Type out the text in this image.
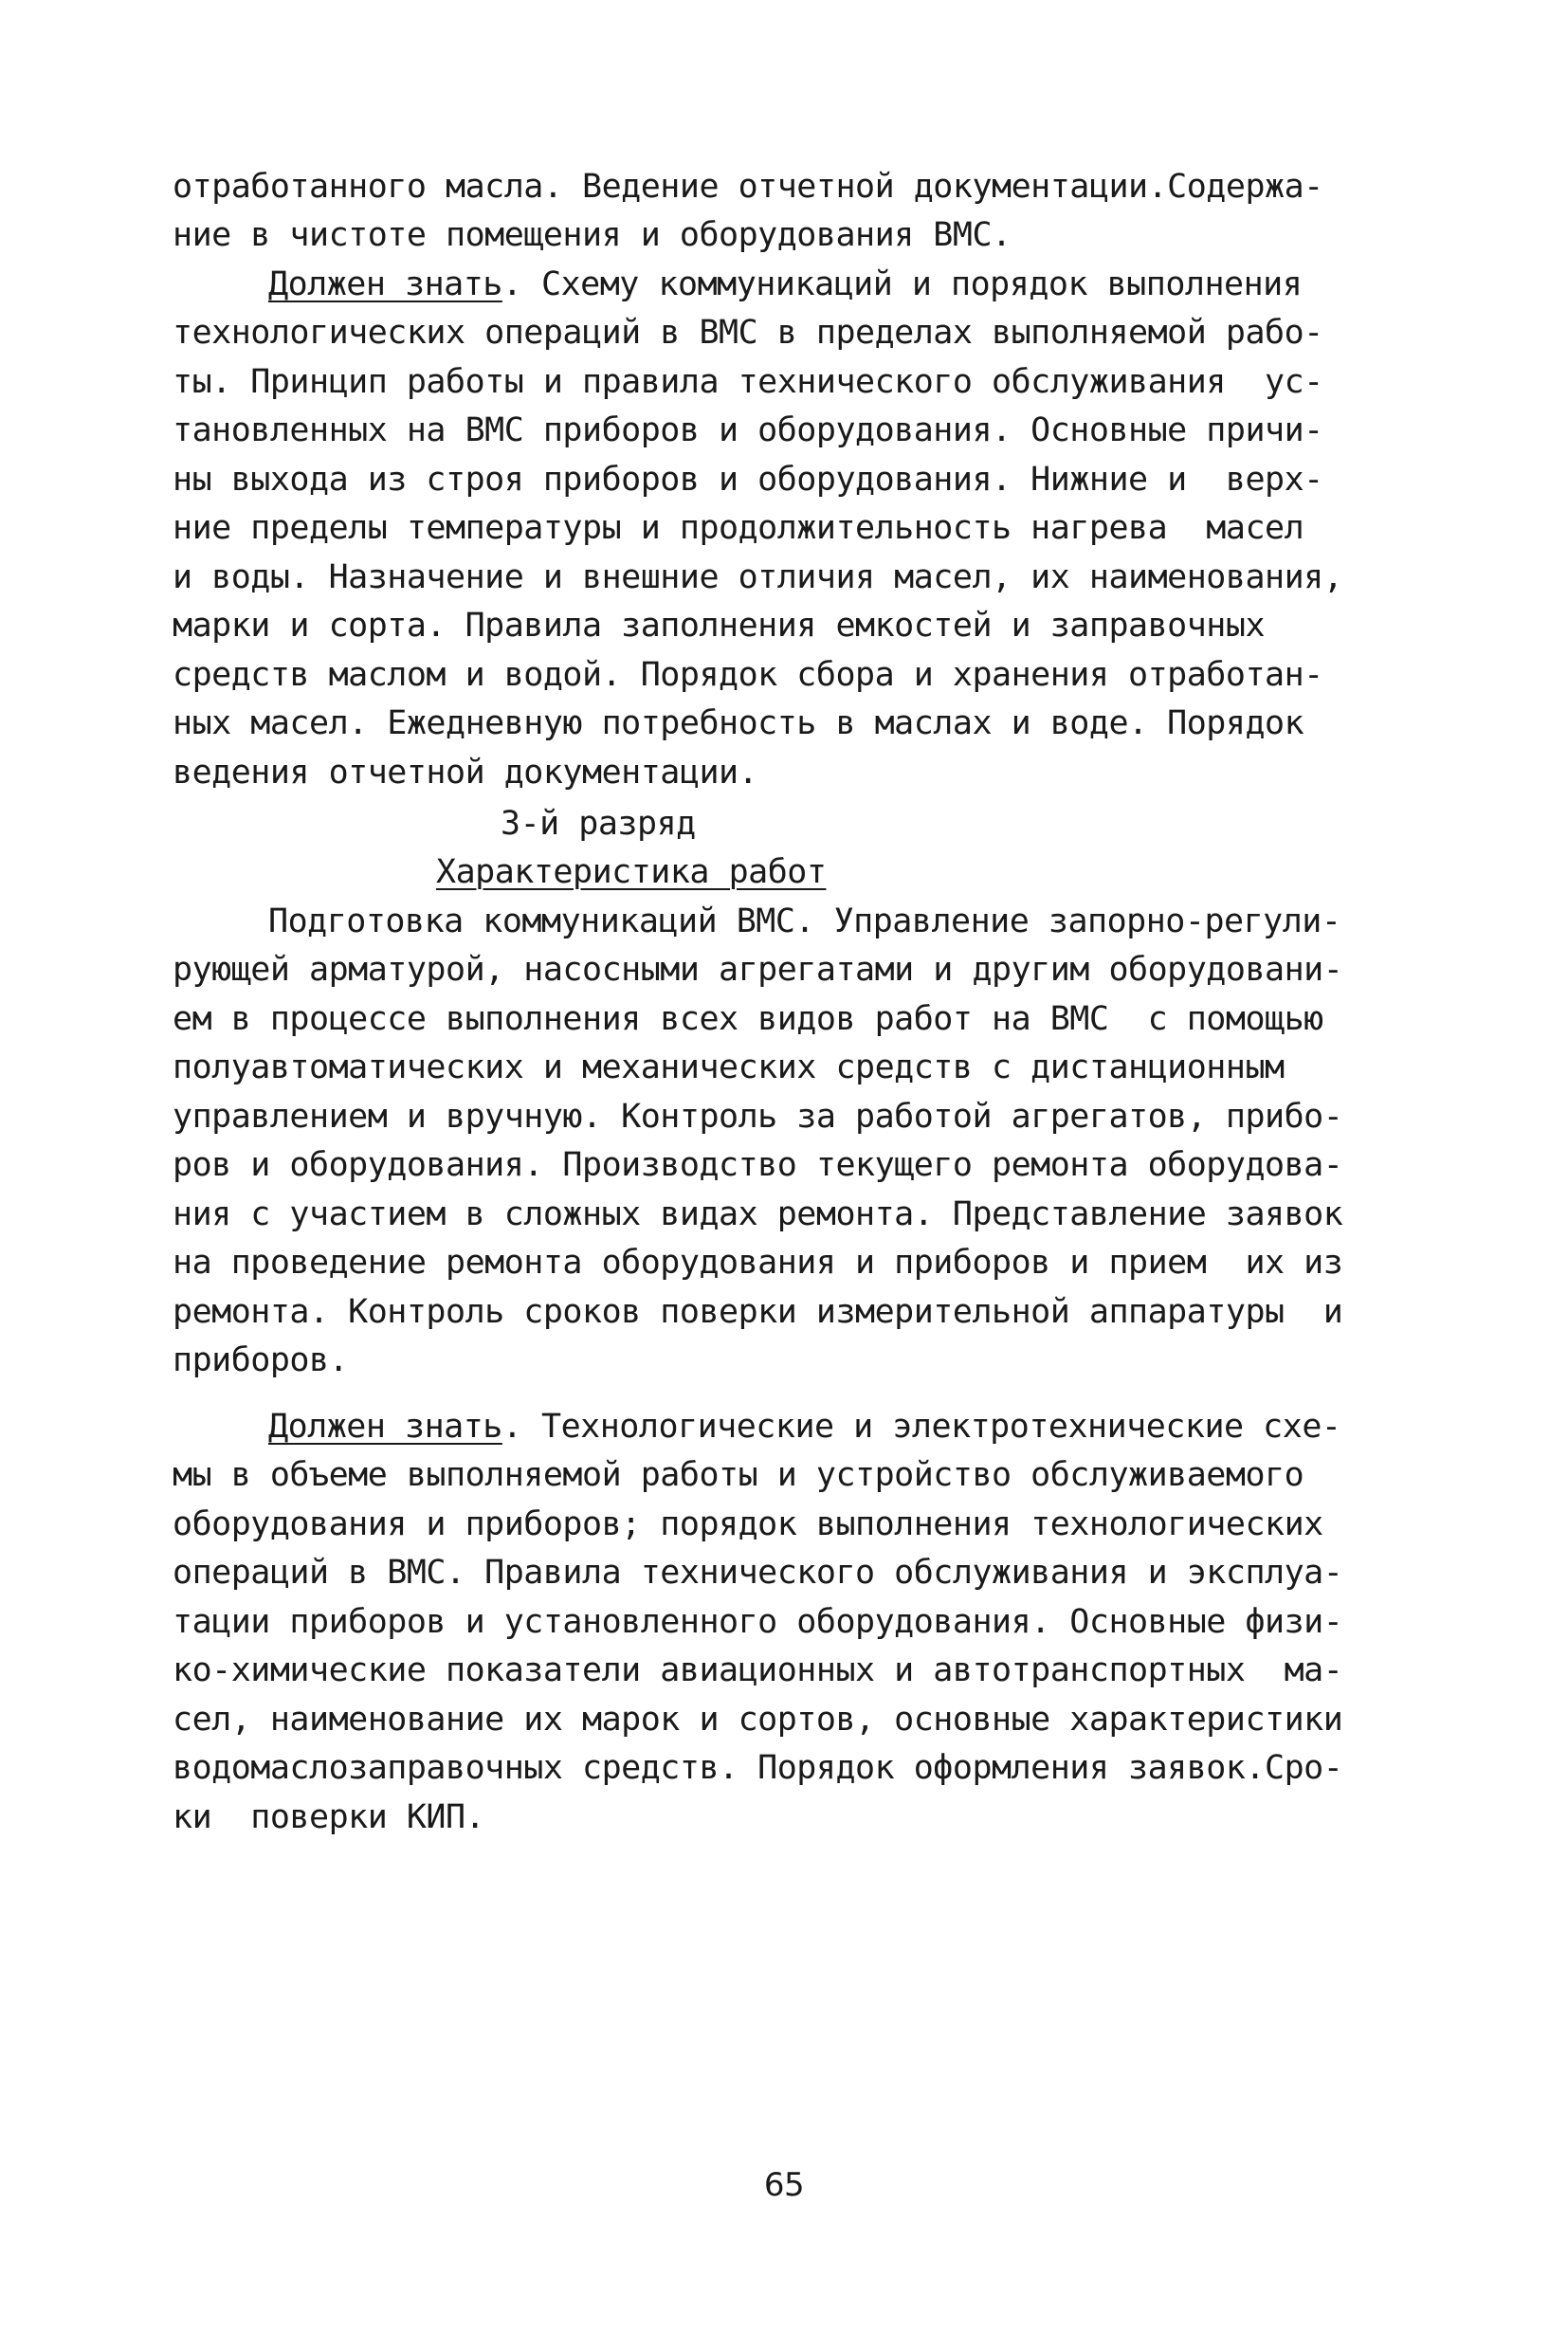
отработанного масла. Ведение отчетной документации.Содержа-
ние в чистоте помещения и оборудования ВМС.
Должен знать. Схему коммуникаций и порядок выполнения
технологических операций в ВМС в пределах выполняемой рабо-
ты. Принцип работы и правила технического обслуживания  ус-
тановленных на ВМС приборов и оборудования. Основные причи-
ны выхода из строя приборов и оборудования. Нижние и  верх-
ние пределы температуры и продолжительность нагрева  масел
и воды. Назначение и внешние отличия масел, их наименования,
марки и сорта. Правила заполнения емкостей и заправочных
средств маслом и водой. Порядок сбора и хранения отработан-
ных масел. Ежедневную потребность в маслах и воде. Порядок
ведения отчетной документации.
3-й разряд
Характеристика работ
Подготовка коммуникаций ВМС. Управление запорно-регули-
рующей арматурой, насосными агрегатами и другим оборудовани-
ем в процессе выполнения всех видов работ на ВМС  с помощью
полуавтоматических и механических средств с дистанционным
управлением и вручную. Контроль за работой агрегатов, прибо-
ров и оборудования. Производство текущего ремонта оборудова-
ния с участием в сложных видах ремонта. Представление заявок
на проведение ремонта оборудования и приборов и прием  их из
ремонта. Контроль сроков поверки измерительной аппаратуры  и
приборов.
Должен знать. Технологические и электротехнические схе-
мы в объеме выполняемой работы и устройство обслуживаемого
оборудования и приборов; порядок выполнения технологических
операций в ВМС. Правила технического обслуживания и эксплуа-
тации приборов и установленного оборудования. Основные физи-
ко-химические показатели авиационных и автотранспортных  ма-
сел, наименование их марок и сортов, основные характеристики
водомаслозаправочных средств. Порядок оформления заявок.Сро-
ки  поверки КИП.
65
